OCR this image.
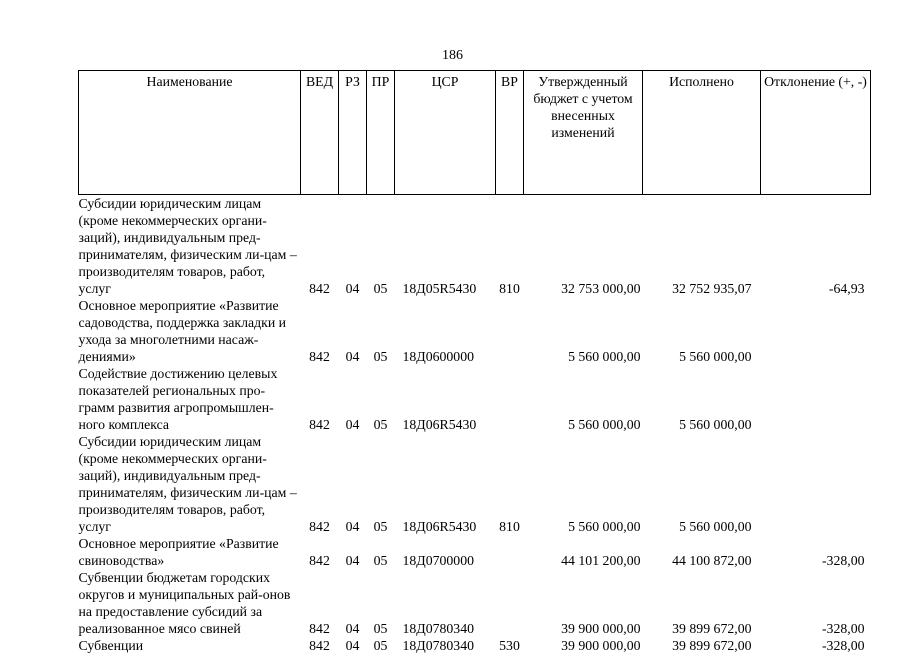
186
Наименование	ВЕД	РЗ	ПР	ЦСР	ВР	Утвержденный бюджет с учетом внесенных изменений	Исполнено	Отклонение (+, -)
Субсидии юридическим лицам (кроме некоммерческих органи-заций), индивидуальным пред-принимателям, физическим ли-цам – производителям товаров, работ, услуг	842	04	05	18Д05R5430	810	32 753 000,00	32 752 935,07	-64,93
Основное мероприятие «Развитие садоводства, поддержка закладки и ухода за многолетними насаж-дениями»	842	04	05	18Д0600000		5 560 000,00	5 560 000,00	
Содействие достижению целевых показателей региональных про-грамм развития агропромышлен-ного комплекса	842	04	05	18Д06R5430		5 560 000,00	5 560 000,00	
Субсидии юридическим лицам (кроме некоммерческих органи-заций), индивидуальным пред-принимателям, физическим ли-цам – производителям товаров, работ, услуг	842	04	05	18Д06R5430	810	5 560 000,00	5 560 000,00	
Основное мероприятие «Развитие свиноводства»	842	04	05	18Д0700000		44 101 200,00	44 100 872,00	-328,00
Субвенции бюджетам городских округов и муниципальных рай-онов на предоставление субсидий за реализованное мясо свиней	842	04	05	18Д0780340		39 900 000,00	39 899 672,00	-328,00
Субвенции	842	04	05	18Д0780340	530	39 900 000,00	39 899 672,00	-328,00
